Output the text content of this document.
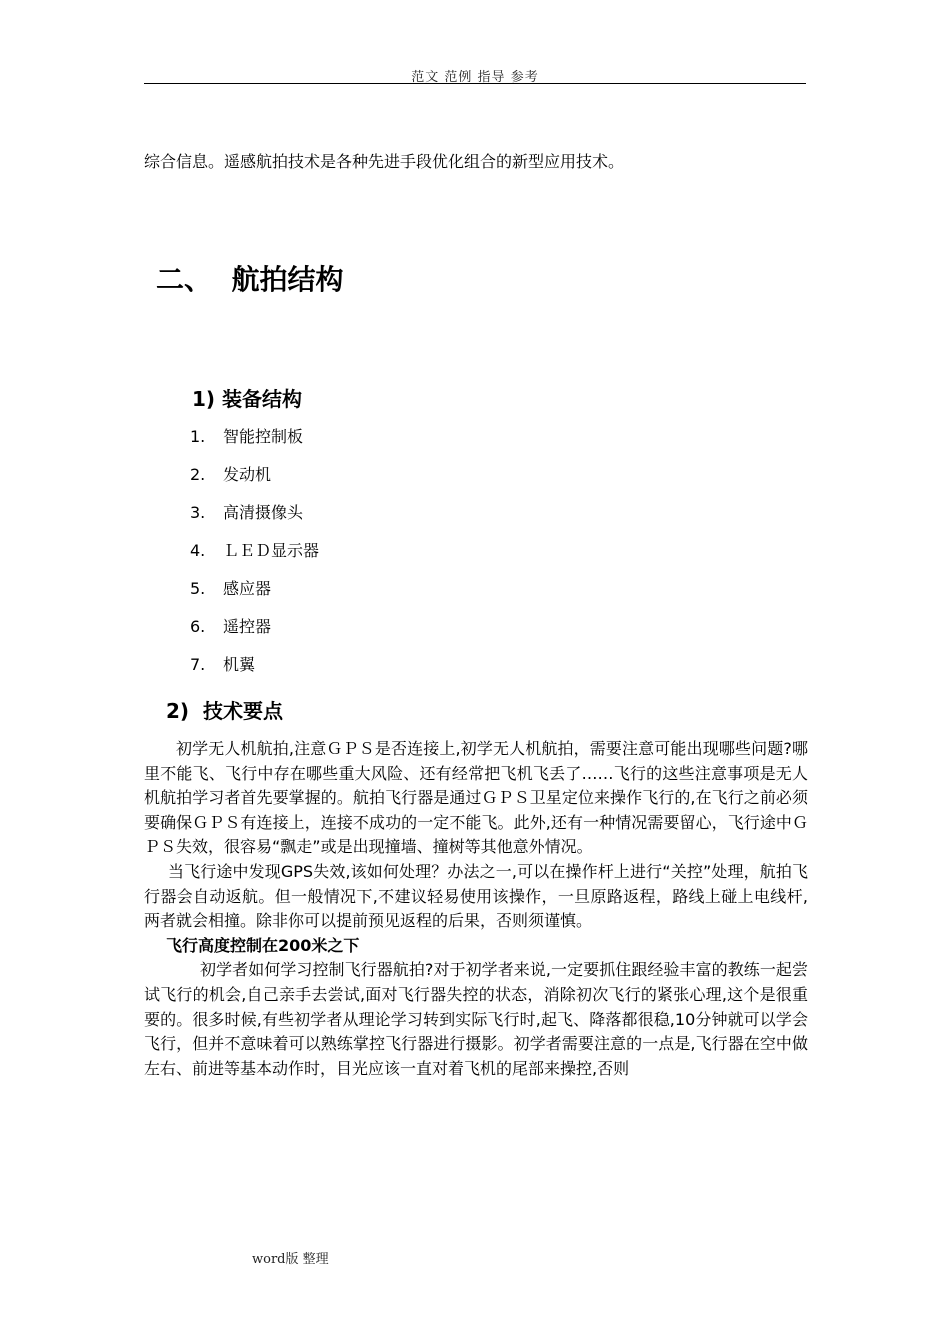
范文 范例 指导 参考

综合信息。遥感航拍技术是各种先进手段优化组合的新型应用技术。

二、  航拍结构
1) 装备结构
1.	智能控制板
2.	发动机
3.	高清摄像头
4.	ＬＥＤ显示器
5.	感应器
6.	遥控器
7.	机翼
2)  技术要点

初学无人机航拍,注意ＧＰＳ是否连接上,初学无人机航拍，需要注意可能出现哪些问题?哪里不能飞、飞行中存在哪些重大风险、还有经常把飞机飞丢了……飞行的这些注意事项是无人机航拍学习者首先要掌握的。航拍飞行器是通过ＧＰＳ卫星定位来操作飞行的,在飞行之前必须要确保ＧＰＳ有连接上，连接不成功的一定不能飞。此外,还有一种情况需要留心，飞行途中ＧＰＳ失效，很容易“飘走”或是出现撞墙、撞树等其他意外情况。

当飞行途中发现GPS失效,该如何处理？办法之一,可以在操作杆上进行“关控”处理，航拍飞行器会自动返航。但一般情况下,不建议轻易使用该操作，一旦原路返程，路线上碰上电线杆,两者就会相撞。除非你可以提前预见返程的后果，否则须谨慎。

飞行高度控制在200米之下

初学者如何学习控制飞行器航拍?对于初学者来说,一定要抓住跟经验丰富的教练一起尝试飞行的机会,自己亲手去尝试,面对飞行器失控的状态，消除初次飞行的紧张心理,这个是很重要的。很多时候,有些初学者从理论学习转到实际飞行时,起飞、降落都很稳,10分钟就可以学会飞行，但并不意味着可以熟练掌控飞行器进行摄影。初学者需要注意的一点是,飞行器在空中做左右、前进等基本动作时，目光应该一直对着飞机的尾部来操控,否则

word版 整理
